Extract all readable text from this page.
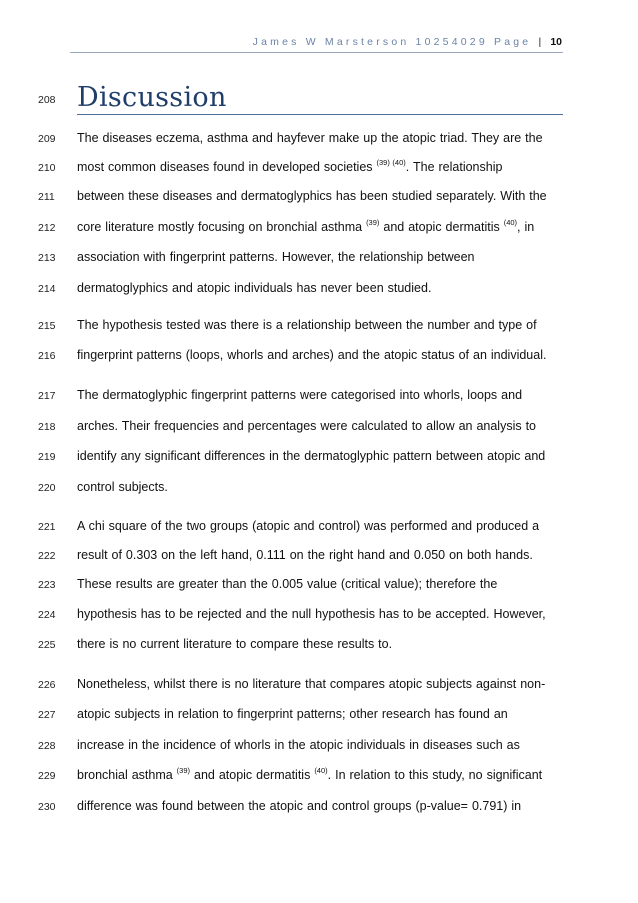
James W Marsterson 10254029 Page | 10
208 Discussion
209	The diseases eczema, asthma and hayfever make up the atopic triad. They are the
210	most common diseases found in developed societies $^{(39) (40)}$. The relationship
211	between these diseases and dermatoglyphics has been studied separately. With the
212	core literature mostly focusing on bronchial asthma $^{(39)}$ and atopic dermatitis $^{(40)}$, in
213	association with fingerprint patterns. However, the relationship between
214	dermatoglyphics and atopic individuals has never been studied.
215	The hypothesis tested was there is a relationship between the number and type of
216	fingerprint patterns (loops, whorls and arches) and the atopic status of an individual.
217	The dermatoglyphic fingerprint patterns were categorised into whorls, loops and
218	arches. Their frequencies and percentages were calculated to allow an analysis to
219	identify any significant differences in the dermatoglyphic pattern between atopic and
220	control subjects.
221	A chi square of the two groups (atopic and control) was performed and produced a
222	result of 0.303 on the left hand, 0.111 on the right hand and 0.050 on both hands.
223	These results are greater than the 0.005 value (critical value); therefore the
224	hypothesis has to be rejected and the null hypothesis has to be accepted. However,
225	there is no current literature to compare these results to.
226	Nonetheless, whilst there is no literature that compares atopic subjects against non-
227	atopic subjects in relation to fingerprint patterns; other research has found an
228	increase in the incidence of whorls in the atopic individuals in diseases such as
229	bronchial asthma $^{(39)}$ and atopic dermatitis $^{(40)}$. In relation to this study, no significant
230	difference was found between the atopic and control groups (p-value= 0.791) in
